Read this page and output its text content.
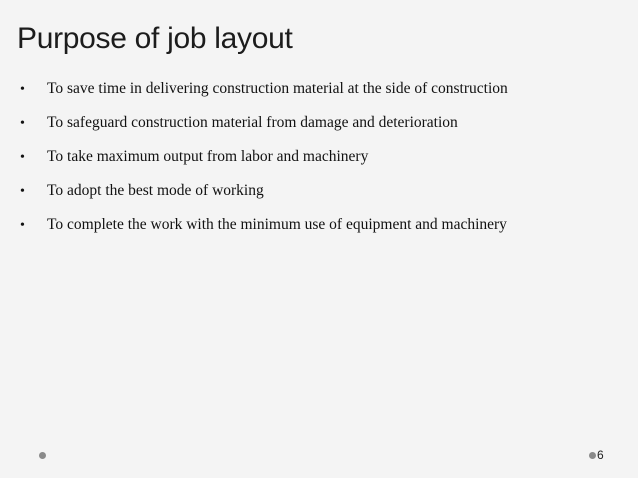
Purpose of job layout
•	To save time in delivering construction material at the side of construction
•	To safeguard construction material from damage and deterioration
•	To take maximum output from labor and machinery
•	To adopt the best mode of working
•	To complete the work with the minimum use of equipment and machinery
6
